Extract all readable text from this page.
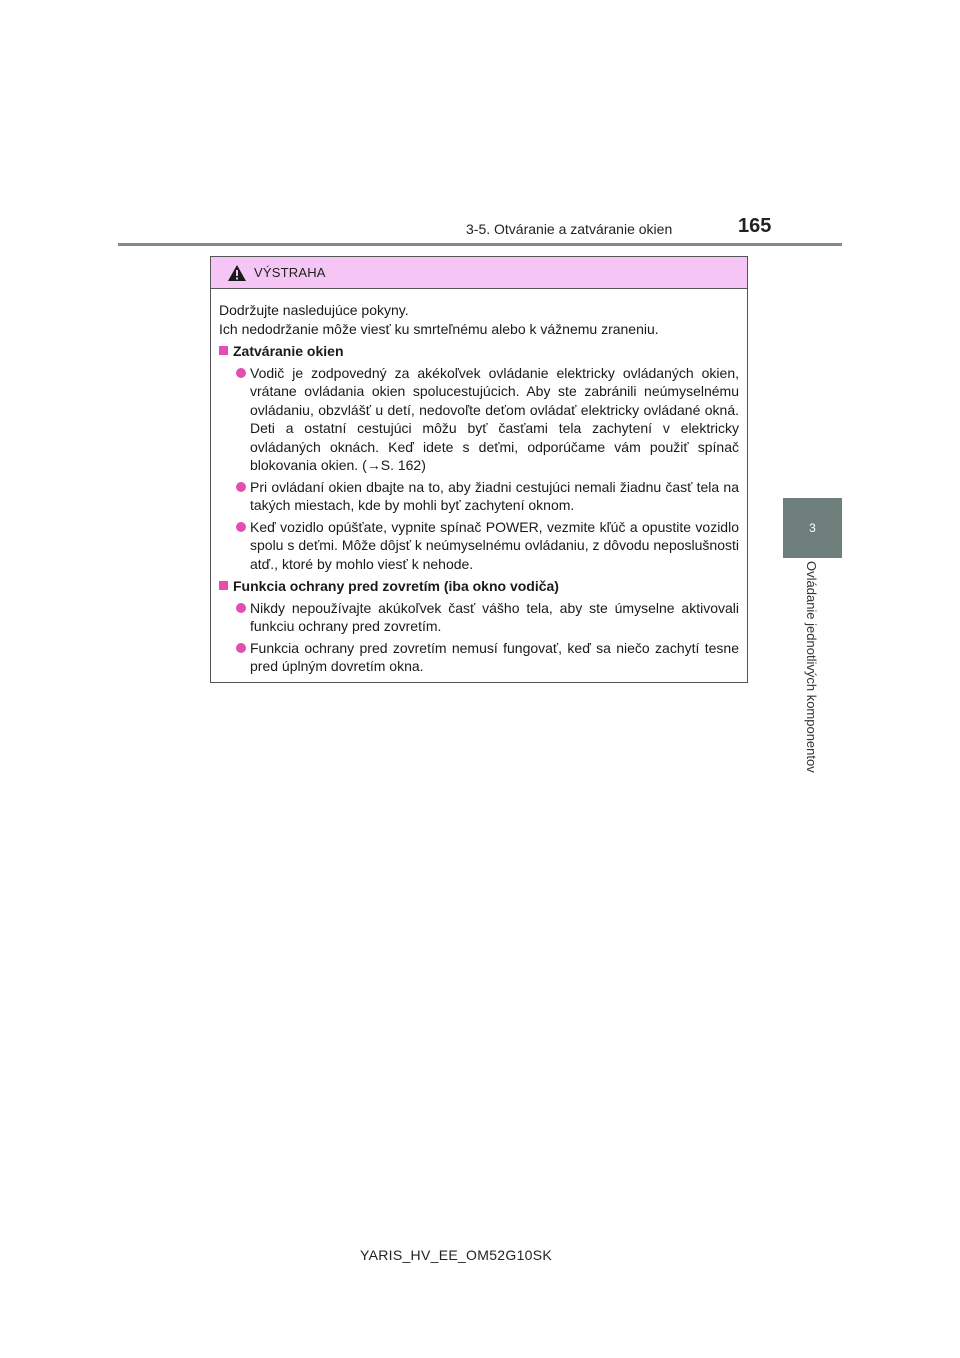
3-5. Otváranie a zatváranie okien	165
3
Ovládanie jednotlivých komponentov
VÝSTRAHA

Dodržujte nasledujúce pokyny.

Ich nedodržanie môže viesť ku smrteľnému alebo k vážnemu zraneniu.

Zatváranie okien
Vodič je zodpovedný za akékoľvek ovládanie elektricky ovládaných okien, vrátane ovládania okien spolucestujúcich. Aby ste zabránili neúmyselnému ovládaniu, obzvlášť u detí, nedovoľte deťom ovládať elektricky ovládané okná. Deti a ostatní cestujúci môžu byť časťami tela zachytení v elektricky ovládaných oknách. Keď idete s deťmi, odporúčame vám použiť spínač blokovania okien. (→S. 162)
Pri ovládaní okien dbajte na to, aby žiadni cestujúci nemali žiadnu časť tela na takých miestach, kde by mohli byť zachytení oknom.
Keď vozidlo opúšťate, vypnite spínač POWER, vezmite kľúč a opustite vozidlo spolu s deťmi. Môže dôjsť k neúmyselnému ovládaniu, z dôvodu neposlušnosti atď., ktoré by mohlo viesť k nehode.
Funkcia ochrany pred zovretím (iba okno vodiča)
Nikdy nepoužívajte akúkoľvek časť vášho tela, aby ste úmyselne aktivovali funkciu ochrany pred zovretím.
Funkcia ochrany pred zovretím nemusí fungovať, keď sa niečo zachytí tesne pred úplným dovretím okna.
YARIS_HV_EE_OM52G10SK
